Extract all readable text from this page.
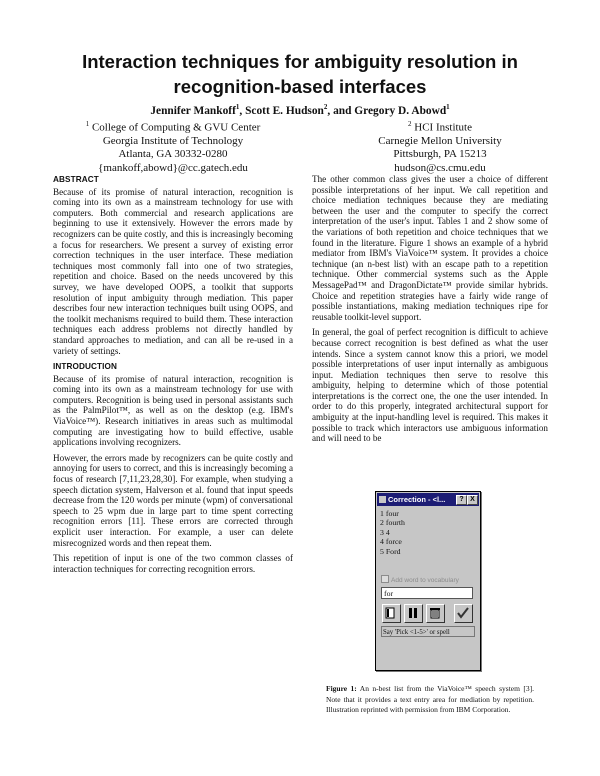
Interaction techniques for ambiguity resolution in
recognition-based interfaces
Jennifer Mankoff$^1$, Scott E. Hudson$^2$, and Gregory D. Abowd$^1$
$^1$ College of Computing & GVU Center
Georgia Institute of Technology
Atlanta, GA 30332-0280
{mankoff,abowd}@cc.gatech.edu
$^2$ HCI Institute
Carnegie Mellon University
Pittsburgh, PA 15213
hudson@cs.cmu.edu
ABSTRACT

Because of its promise of natural interaction, recognition is coming into its own as a mainstream technology for use with computers. Both commercial and research applications are beginning to use it extensively. However the errors made by recognizers can be quite costly, and this is increasingly becoming a focus for researchers. We present a survey of existing error correction techniques in the user interface. These mediation techniques most commonly fall into one of two strategies, repetition and choice. Based on the needs uncovered by this survey, we have developed OOPS, a toolkit that supports resolution of input ambiguity through mediation. This paper describes four new interaction techniques built using OOPS, and the toolkit mechanisms required to build them. These interaction techniques each address problems not directly handled by standard approaches to mediation, and can all be re-used in a variety of settings.

INTRODUCTION

Because of its promise of natural interaction, recognition is coming into its own as a mainstream technology for use with computers. Recognition is being used in personal assistants such as the PalmPilot™, as well as on the desktop (e.g. IBM's ViaVoice™). Research initiatives in areas such as multimodal computing are investigating how to build effective, usable applications involving recognizers.

However, the errors made by recognizers can be quite costly and annoying for users to correct, and this is increasingly becoming a focus of research [7,11,23,28,30]. For example, when studying a speech dictation system, Halverson et al. found that input speeds decrease from the 120 words per minute (wpm) of conversational speech to 25 wpm due in large part to time spent correcting recognition errors [11]. These errors are corrected through explicit user interaction. For example, a user can delete misrecognized words and then repeat them.

This repetition of input is one of the two common classes of interaction techniques for correcting recognition errors.

The other common class gives the user a choice of different possible interpretations of her input. We call repetition and choice mediation techniques because they are mediating between the user and the computer to specify the correct interpretation of the user's input. Tables 1 and 2 show some of the variations of both repetition and choice techniques that we found in the literature. Figure 1 shows an example of a hybrid mediator from IBM's ViaVoice™ system. It provides a choice technique (an n-best list) with an escape path to a repetition technique. Other commercial systems such as the Apple MessagePad™ and DragonDictate™ provide similar hybrids. Choice and repetition strategies have a fairly wide range of possible instantiations, making mediation techniques ripe for reusable toolkit-level support.

In general, the goal of perfect recognition is difficult to achieve because correct recognition is best defined as what the user intends. Since a system cannot know this a priori, we model possible interpretations of user input internally as ambiguous input. Mediation techniques then serve to resolve this ambiguity, helping to determine which of those potential interpretations is the correct one, the one the user intended. In order to do this properly, integrated architectural support for ambiguity at the input-handling level is required. This makes it possible to track which interactors use ambiguous information and will need to be

Correction - <l...	? X
1 four
2 fourth
3 4
4 force
5 Ford
Add word to vocabulary
for
Say 'Pick <1-5>' or spell
Figure 1: An n-best list from the ViaVoice™ speech system [3]. Note that it provides a text entry area for mediation by repetition. Illustration reprinted with permission from IBM Corporation.
